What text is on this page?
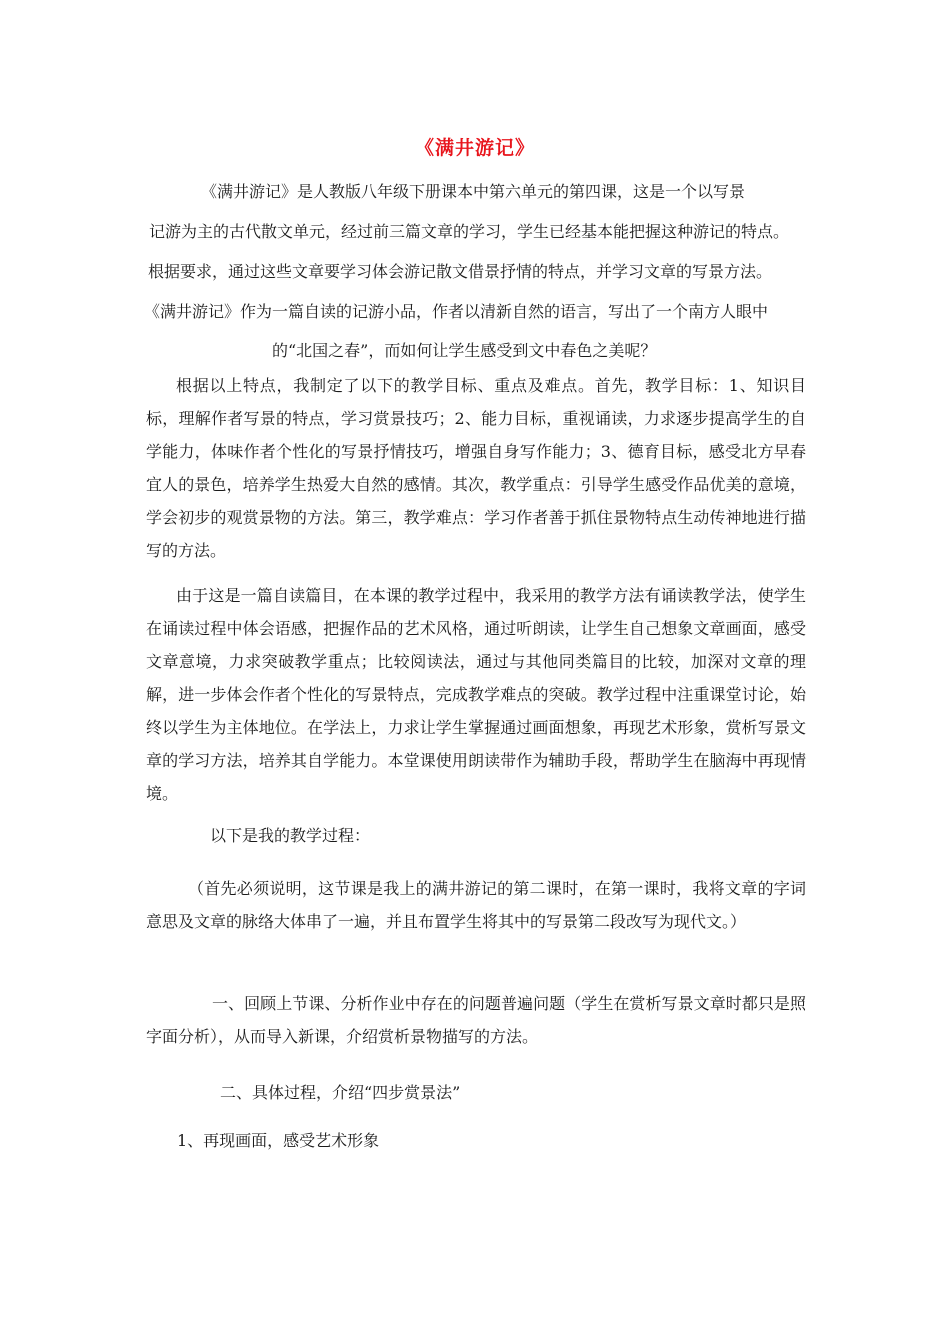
《满井游记》
《满井游记》是人教版八年级下册课本中第六单元的第四课，这是一个以写景
记游为主的古代散文单元，经过前三篇文章的学习，学生已经基本能把握这种游记的特点。
根据要求，通过这些文章要学习体会游记散文借景抒情的特点，并学习文章的写景方法。
《满井游记》作为一篇自读的记游小品，作者以清新自然的语言，写出了一个南方人眼中
的“北国之春”，而如何让学生感受到文中春色之美呢？
根据以上特点，我制定了以下的教学目标、重点及难点。首先，教学目标：1、知识目标，理解作者写景的特点，学习赏景技巧；2、能力目标，重视诵读，力求逐步提高学生的自学能力，体味作者个性化的写景抒情技巧，增强自身写作能力；3、德育目标，感受北方早春宜人的景色，培养学生热爱大自然的感情。其次，教学重点：引导学生感受作品优美的意境，学会初步的观赏景物的方法。第三，教学难点：学习作者善于抓住景物特点生动传神地进行描写的方法。
由于这是一篇自读篇目，在本课的教学过程中，我采用的教学方法有诵读教学法，使学生在诵读过程中体会语感，把握作品的艺术风格，通过听朗读，让学生自己想象文章画面，感受文章意境，力求突破教学重点；比较阅读法，通过与其他同类篇目的比较，加深对文章的理解，进一步体会作者个性化的写景特点，完成教学难点的突破。教学过程中注重课堂讨论，始终以学生为主体地位。在学法上，力求让学生掌握通过画面想象，再现艺术形象，赏析写景文章的学习方法，培养其自学能力。本堂课使用朗读带作为辅助手段，帮助学生在脑海中再现情境。
以下是我的教学过程：
（首先必须说明，这节课是我上的满井游记的第二课时，在第一课时，我将文章的字词意思及文章的脉络大体串了一遍，并且布置学生将其中的写景第二段改写为现代文。）
一、回顾上节课、分析作业中存在的问题普遍问题（学生在赏析写景文章时都只是照字面分析），从而导入新课，介绍赏析景物描写的方法。
二、具体过程，介绍“四步赏景法”
1、再现画面，感受艺术形象
